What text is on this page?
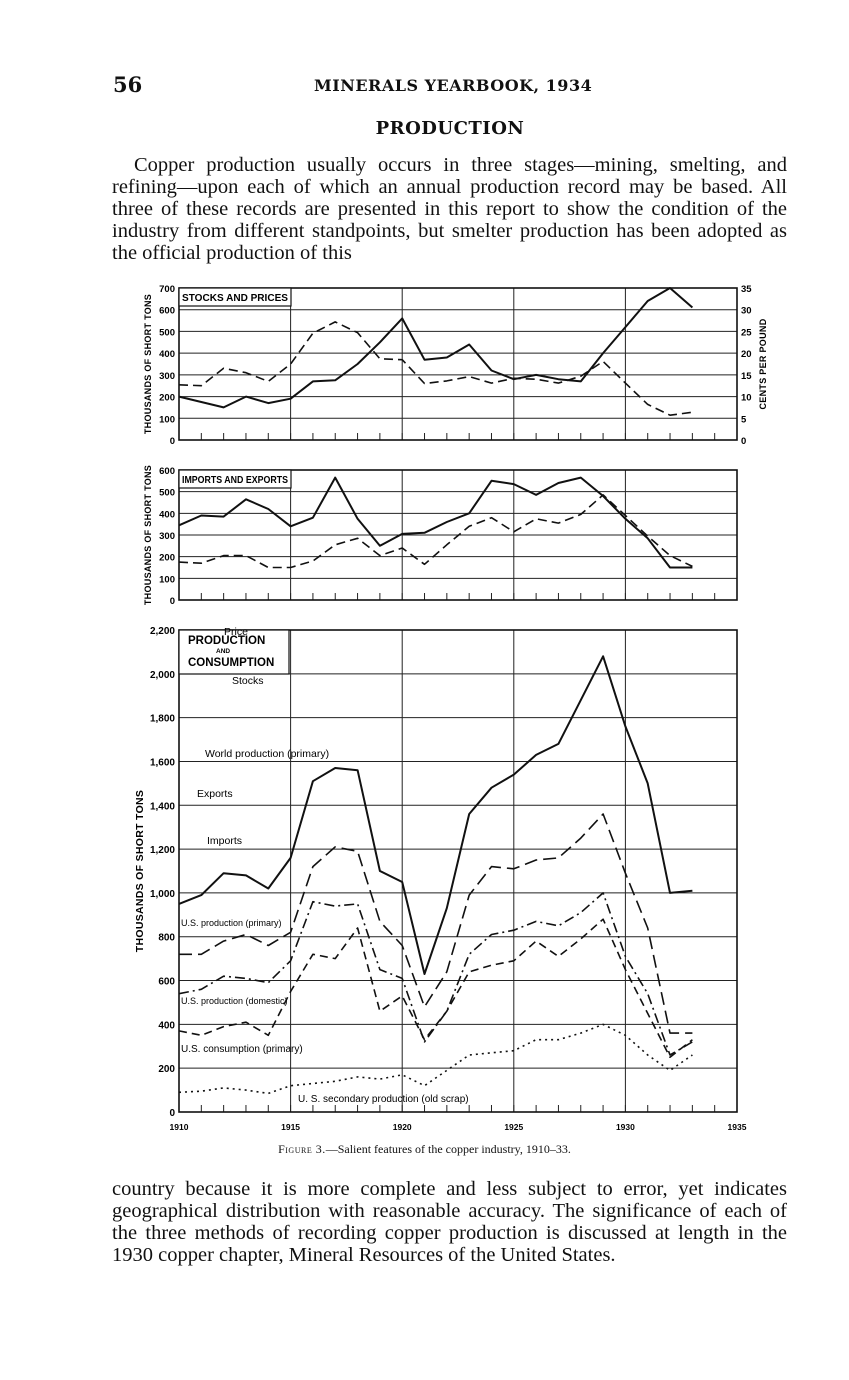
56	MINERALS YEARBOOK, 1934
PRODUCTION
Copper production usually occurs in three stages—mining, smelting, and refining—upon each of which an annual production record may be based. All three of these records are presented in this report to show the condition of the industry from different standpoints, but smelter production has been adopted as the official production of this
0
100
200
300
400
500
600
700
THOUSANDS OF SHORT TONS
0
5
10
15
20
25
30
35
CENTS PER POUND
STOCKS AND PRICES
0
100
200
300
400
500
600
THOUSANDS OF SHORT TONS	IMPORTS AND EXPORTS
0
200
400
600
800
1,000
1,200
1,400
1,600
1,800
2,000
2,200
THOUSANDS OF SHORT TONS
PRODUCTION
AND
CONSUMPTION
Price
Stocks
Exports
Imports
World production (primary)
U.S. production (primary)
U.S. production (domestic)
U.S. consumption (primary)
U. S. secondary production (old scrap)
1910	1915	1920	1925	1930	1935
Figure 3.—Salient features of the copper industry, 1910–33.
country because it is more complete and less subject to error, yet indicates geographical distribution with reasonable accuracy. The significance of each of the three methods of recording copper production is discussed at length in the 1930 copper chapter, Mineral Resources of the United States.
